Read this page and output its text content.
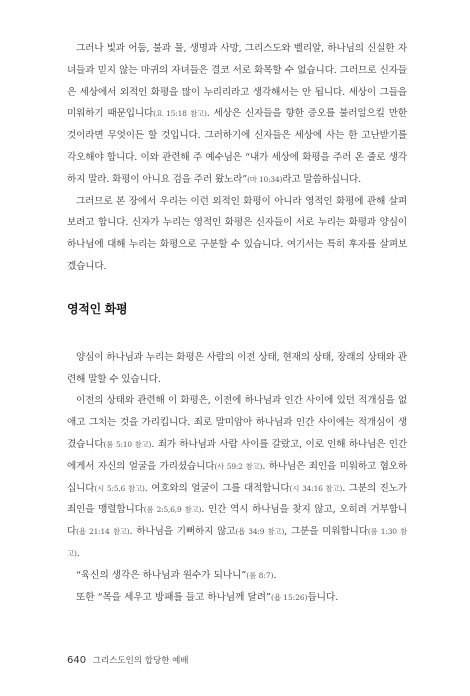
그러나 빛과 어둠, 불과 물, 생명과 사망, 그리스도와 벨리알, 하나님의 신실한 자녀들과 믿지 않는 마귀의 자녀들은 결코 서로 화목할 수 없습니다. 그러므로 신자들은 세상에서 외적인 화평을 많이 누리리라고 생각해서는 안 됩니다. 세상이 그들을 미워하기 때문입니다(요 15:18 참고). 세상은 신자들을 향한 증오를 불러일으킬 만한 것이라면 무엇이든 할 것입니다. 그러하기에 신자들은 세상에 사는 한 고난받기를 각오해야 합니다. 이와 관련해 주 예수님은 “내가 세상에 화평을 주러 온 줄로 생각하지 말라. 화평이 아니요 검을 주러 왔노라”(마 10:34)라고 말씀하십니다.

그러므로 본 장에서 우리는 이런 외적인 화평이 아니라 영적인 화평에 관해 살펴보려고 합니다. 신자가 누리는 영적인 화평은 신자들이 서로 누리는 화평과 양심이 하나님에 대해 누리는 화평으로 구분할 수 있습니다. 여기서는 특히 후자를 살펴보겠습니다.

영적인 화평

양심이 하나님과 누리는 화평은 사람의 이전 상태, 현재의 상태, 장래의 상태와 관련해 말할 수 있습니다.

이전의 상태와 관련해 이 화평은, 이전에 하나님과 인간 사이에 있던 적개심을 없애고 그치는 것을 가리킵니다. 죄로 말미암아 하나님과 인간 사이에는 적개심이 생겼습니다(롬 5:10 참고). 죄가 하나님과 사람 사이를 갈랐고, 이로 인해 하나님은 인간에게서 자신의 얼굴을 가리셨습니다(사 59:2 참고). 하나님은 죄인을 미워하고 혐오하십니다(시 5:5,6 참고). 여호와의 얼굴이 그를 대적합니다(시 34:16 참고). 그분의 진노가 죄인을 맹렬합니다(롬 2:5,6,9 참고). 인간 역시 하나님을 찾지 않고, 오히려 거부합니다(욥 21:14 참고). 하나님을 기뻐하지 않고(욥 34:9 참고), 그분을 미워합니다(롬 1:30 참고).

“육신의 생각은 하나님과 원수가 되나니”(롬 8:7).

또한 “목을 세우고 방패를 들고 하나님께 달려”(욥 15:26)듭니다.

640 그리스도인의 합당한 예배
